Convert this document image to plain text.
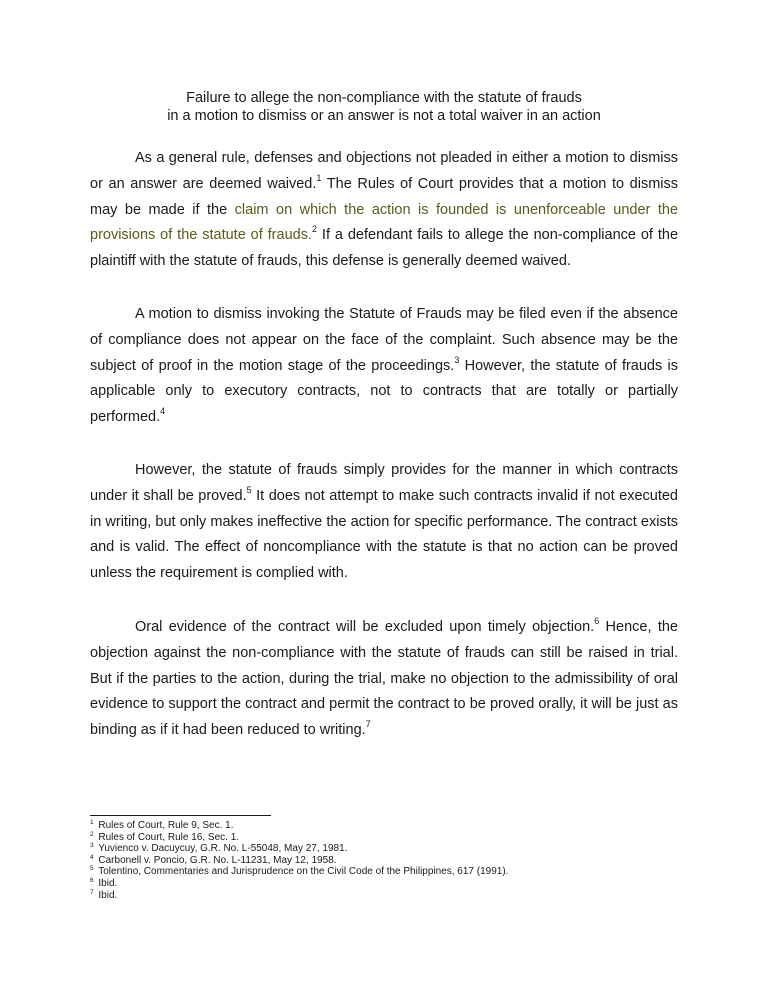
Failure to allege the non-compliance with the statute of frauds
in a motion to dismiss or an answer is not a total waiver in an action

As a general rule, defenses and objections not pleaded in either a motion to dismiss or an answer are deemed waived.$^1$ The Rules of Court provides that a motion to dismiss may be made if the claim on which the action is founded is unenforceable under the provisions of the statute of frauds.$^2$ If a defendant fails to allege the non-compliance of the plaintiff with the statute of frauds, this defense is generally deemed waived.

A motion to dismiss invoking the Statute of Frauds may be filed even if the absence of compliance does not appear on the face of the complaint. Such absence may be the subject of proof in the motion stage of the proceedings.$^3$ However, the statute of frauds is applicable only to executory contracts, not to contracts that are totally or partially performed.$^4$

However, the statute of frauds simply provides for the manner in which contracts under it shall be proved.$^5$ It does not attempt to make such contracts invalid if not executed in writing, but only makes ineffective the action for specific performance. The contract exists and is valid. The effect of noncompliance with the statute is that no action can be proved unless the requirement is complied with.

Oral evidence of the contract will be excluded upon timely objection.$^6$ Hence, the objection against the non-compliance with the statute of frauds can still be raised in trial. But if the parties to the action, during the trial, make no objection to the admissibility of oral evidence to support the contract and permit the contract to be proved orally, it will be just as binding as if it had been reduced to writing.$^7$

$^1$ Rules of Court, Rule 9, Sec. 1.
$^2$ Rules of Court, Rule 16, Sec. 1.
$^3$ Yuvienco v. Dacuycuy, G.R. No. L-55048, May 27, 1981.
$^4$ Carbonell v. Poncio, G.R. No. L-11231, May 12, 1958.
$^5$ Tolentino, Commentaries and Jurisprudence on the Civil Code of the Philippines, 617 (1991).
$^6$ Ibid.
$^7$ Ibid.
